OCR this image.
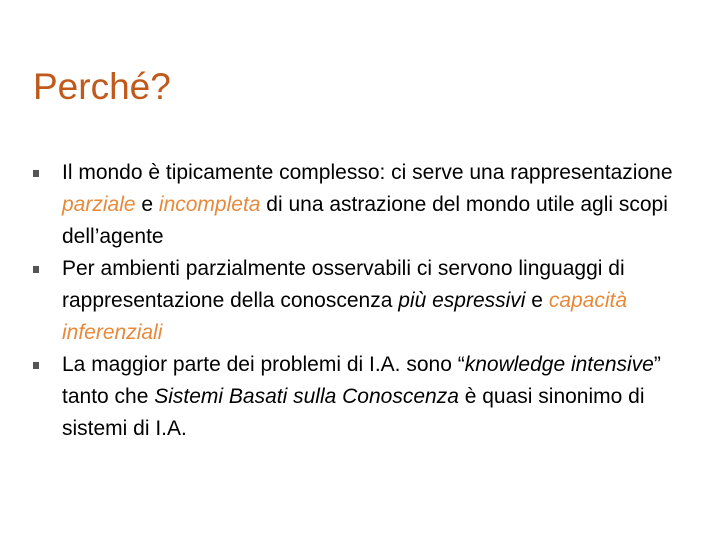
Perché?
Il mondo è tipicamente complesso: ci serve una rappresentazione parziale e incompleta di una astrazione del mondo utile agli scopi dell’agente
Per ambienti parzialmente osservabili ci servono linguaggi di rappresentazione della conoscenza più espressivi e capacità inferenziali
La maggior parte dei problemi di I.A. sono “knowledge intensive” tanto che Sistemi Basati sulla Conoscenza è quasi sinonimo di sistemi di I.A.
